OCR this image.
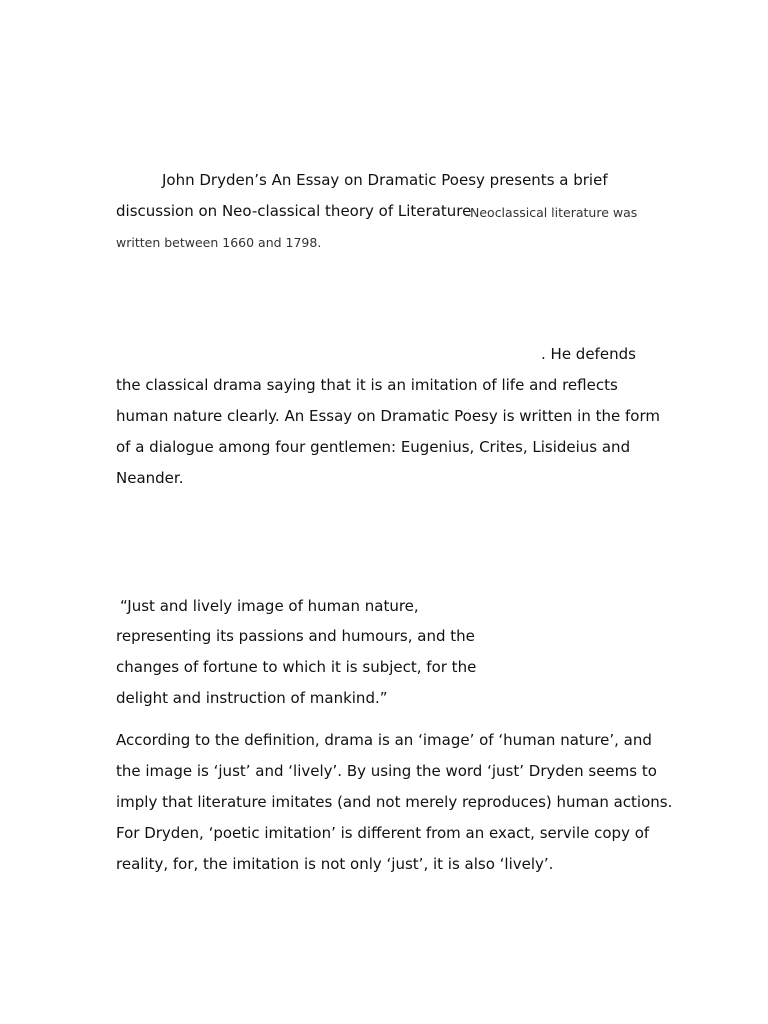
John Dryden’s An Essay on Dramatic Poesy presents a brief
discussion on Neo-classical theory of Literature
Neoclassical literature was
written between 1660 and 1798.
. He defends
the classical drama saying that it is an imitation of life and reflects
human nature clearly. An Essay on Dramatic Poesy is written in the form
of a dialogue among four gentlemen: Eugenius, Crites, Lisideius and
Neander.
“Just and lively image of human nature,
representing its passions and humours, and the
changes of fortune to which it is subject, for the
delight and instruction of mankind.”
According to the definition, drama is an ‘image’ of ‘human nature’, and
the image is ‘just’ and ‘lively’. By using the word ‘just’ Dryden seems to
imply that literature imitates (and not merely reproduces) human actions.
For Dryden, ‘poetic imitation’ is different from an exact, servile copy of
reality, for, the imitation is not only ‘just’, it is also ‘lively’.
